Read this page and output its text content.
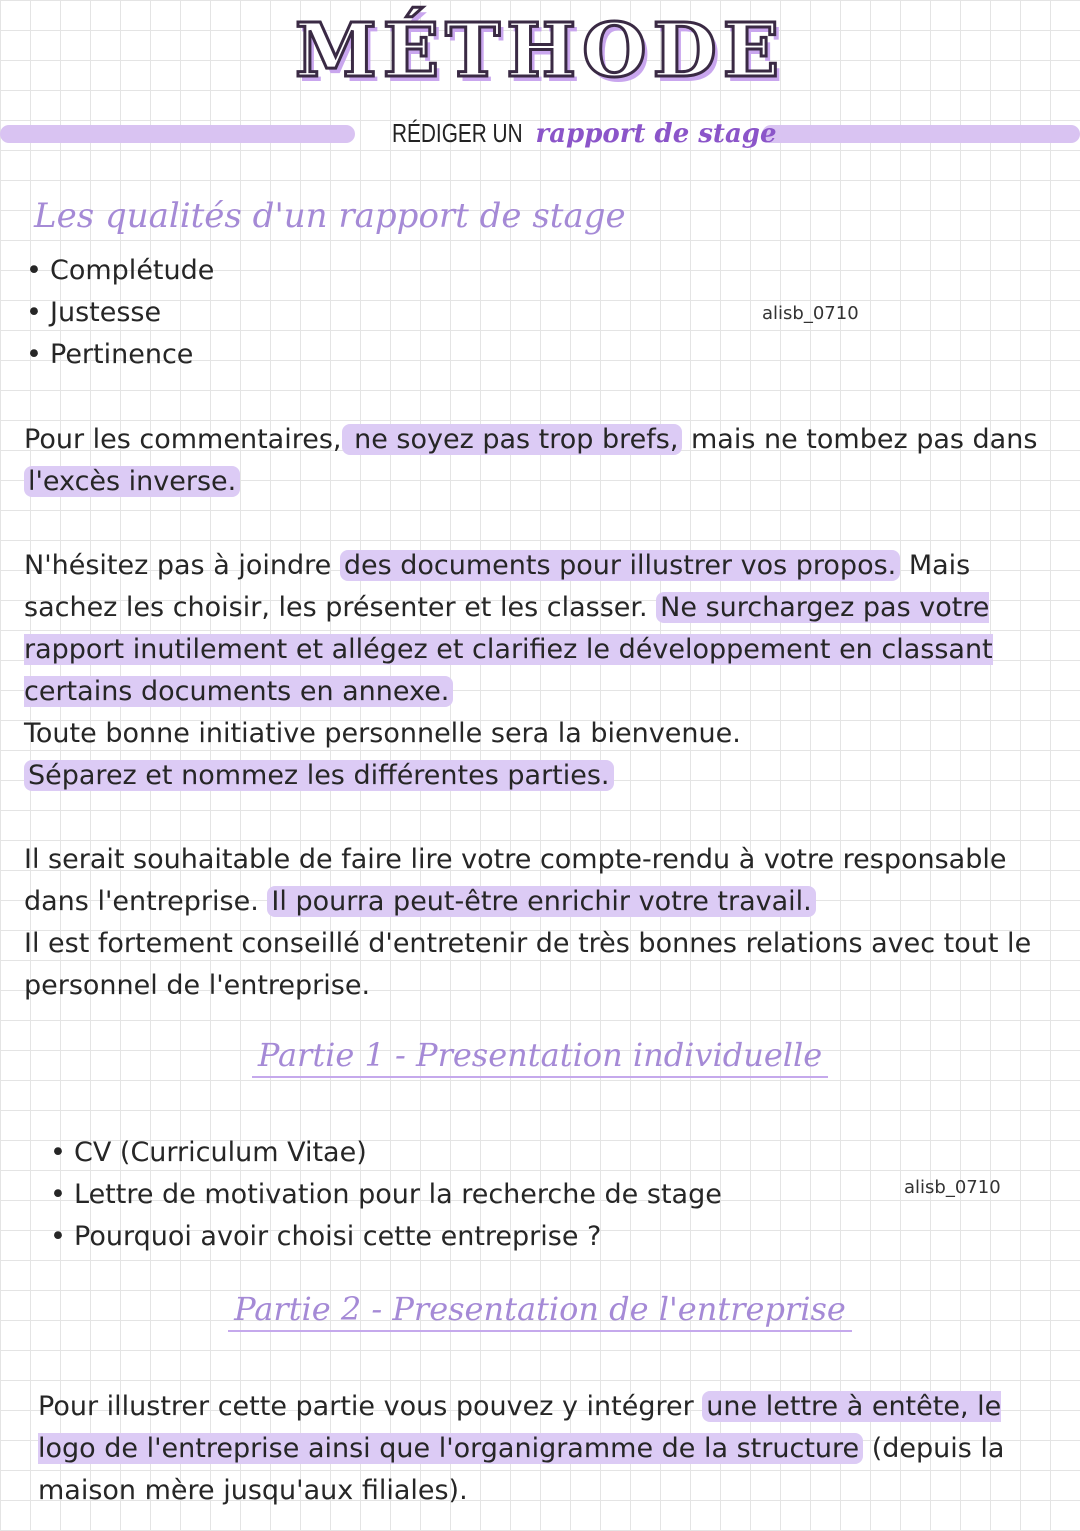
MÉTHODE
RÉDIGER UN rapport de stage
Les qualités d'un rapport de stage
• Complétude
• Justesse
• Pertinence
alisb_0710
Pour les commentaires, ne soyez pas trop brefs, mais ne tombez pas dans l'excès inverse.
N'hésitez pas à joindre des documents pour illustrer vos propos. Mais sachez les choisir, les présenter et les classer. Ne surchargez pas votre rapport inutilement et allégez et clarifiez le développement en classant certains documents en annexe.
Toute bonne initiative personnelle sera la bienvenue.
Séparez et nommez les différentes parties.
Il serait souhaitable de faire lire votre compte-rendu à votre responsable dans l'entreprise. Il pourra peut-être enrichir votre travail.
Il est fortement conseillé d'entretenir de très bonnes relations avec tout le personnel de l'entreprise.
Partie 1 - Presentation individuelle
• CV (Curriculum Vitae)
• Lettre de motivation pour la recherche de stage
• Pourquoi avoir choisi cette entreprise ?
alisb_0710
Partie 2 - Presentation de l'entreprise
Pour illustrer cette partie vous pouvez y intégrer une lettre à entête, le logo de l'entreprise ainsi que l'organigramme de la structure (depuis la maison mère jusqu'aux filiales).
